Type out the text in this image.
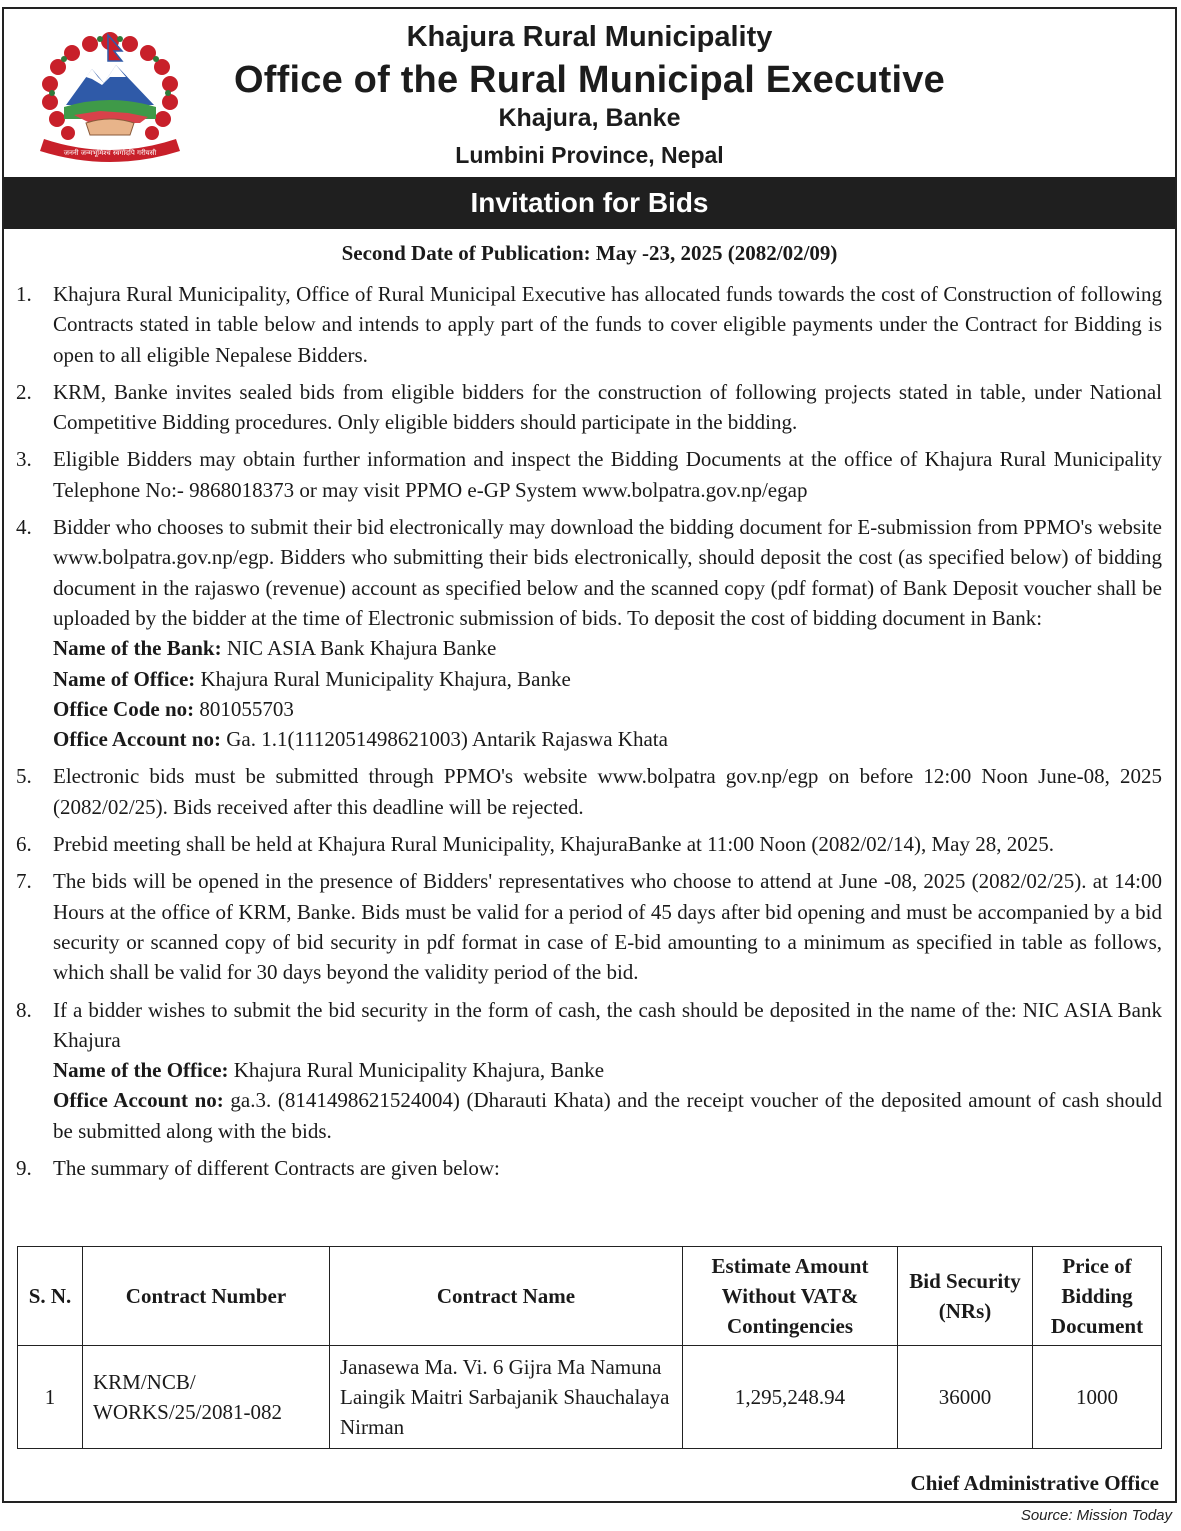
जननी जन्मभूमिश्च स्वर्गादपि गरीयसी
Khajura Rural Municipality
Office of the Rural Municipal Executive
Khajura, Banke
Lumbini Province, Nepal
Invitation for Bids
Second Date of Publication: May -23, 2025 (2082/02/09)
1. Khajura Rural Municipality, Office of Rural Municipal Executive has allocated funds towards the cost of Construction of following Contracts stated in table below and intends to apply part of the funds to cover eligible payments under the Contract for Bidding is open to all eligible Nepalese Bidders.
2. KRM, Banke invites sealed bids from eligible bidders for the construction of following projects stated in table, under National Competitive Bidding procedures. Only eligible bidders should participate in the bidding.
3. Eligible Bidders may obtain further information and inspect the Bidding Documents at the office of Khajura Rural Municipality Telephone No:- 9868018373 or may visit PPMO e-GP System www.bolpatra.gov.np/egap
4. Bidder who chooses to submit their bid electronically may download the bidding document for E-submission from PPMO's website www.bolpatra.gov.np/egp. Bidders who submitting their bids electronically, should deposit the cost (as specified below) of bidding document in the rajaswo (revenue) account as specified below and the scanned copy (pdf format) of Bank Deposit voucher shall be uploaded by the bidder at the time of Electronic submission of bids. To deposit the cost of bidding document in Bank:
Name of the Bank: NIC ASIA Bank Khajura Banke
Name of Office: Khajura Rural Municipality Khajura, Banke
Office Code no: 801055703
Office Account no: Ga. 1.1(1112051498621003) Antarik Rajaswa Khata
5. Electronic bids must be submitted through PPMO's website www.bolpatra gov.np/egp on before 12:00 Noon June-08, 2025 (2082/02/25). Bids received after this deadline will be rejected.
6. Prebid meeting shall be held at Khajura Rural Municipality, KhajuraBanke at 11:00 Noon (2082/02/14), May 28, 2025.
7. The bids will be opened in the presence of Bidders' representatives who choose to attend at June -08, 2025 (2082/02/25). at 14:00 Hours at the office of KRM, Banke. Bids must be valid for a period of 45 days after bid opening and must be accompanied by a bid security or scanned copy of bid security in pdf format in case of E-bid amounting to a minimum as specified in table as follows, which shall be valid for 30 days beyond the validity period of the bid.
8. If a bidder wishes to submit the bid security in the form of cash, the cash should be deposited in the name of the: NIC ASIA Bank Khajura
Name of the Office: Khajura Rural Municipality Khajura, Banke
Office Account no: ga.3. (8141498621524004) (Dharauti Khata) and the receipt voucher of the deposited amount of cash should be submitted along with the bids.
9. The summary of different Contracts are given below:
S. N.	Contract Number	Contract Name	Estimate Amount Without VAT& Contingencies	Bid Security (NRs)	Price of Bidding Document
1	KRM/NCB/ WORKS/25/2081-082	Janasewa Ma. Vi. 6 Gijra Ma Namuna Laingik Maitri Sarbajanik Shauchalaya Nirman	1,295,248.94	36000	1000
Chief Administrative Office
Source: Mission Today
